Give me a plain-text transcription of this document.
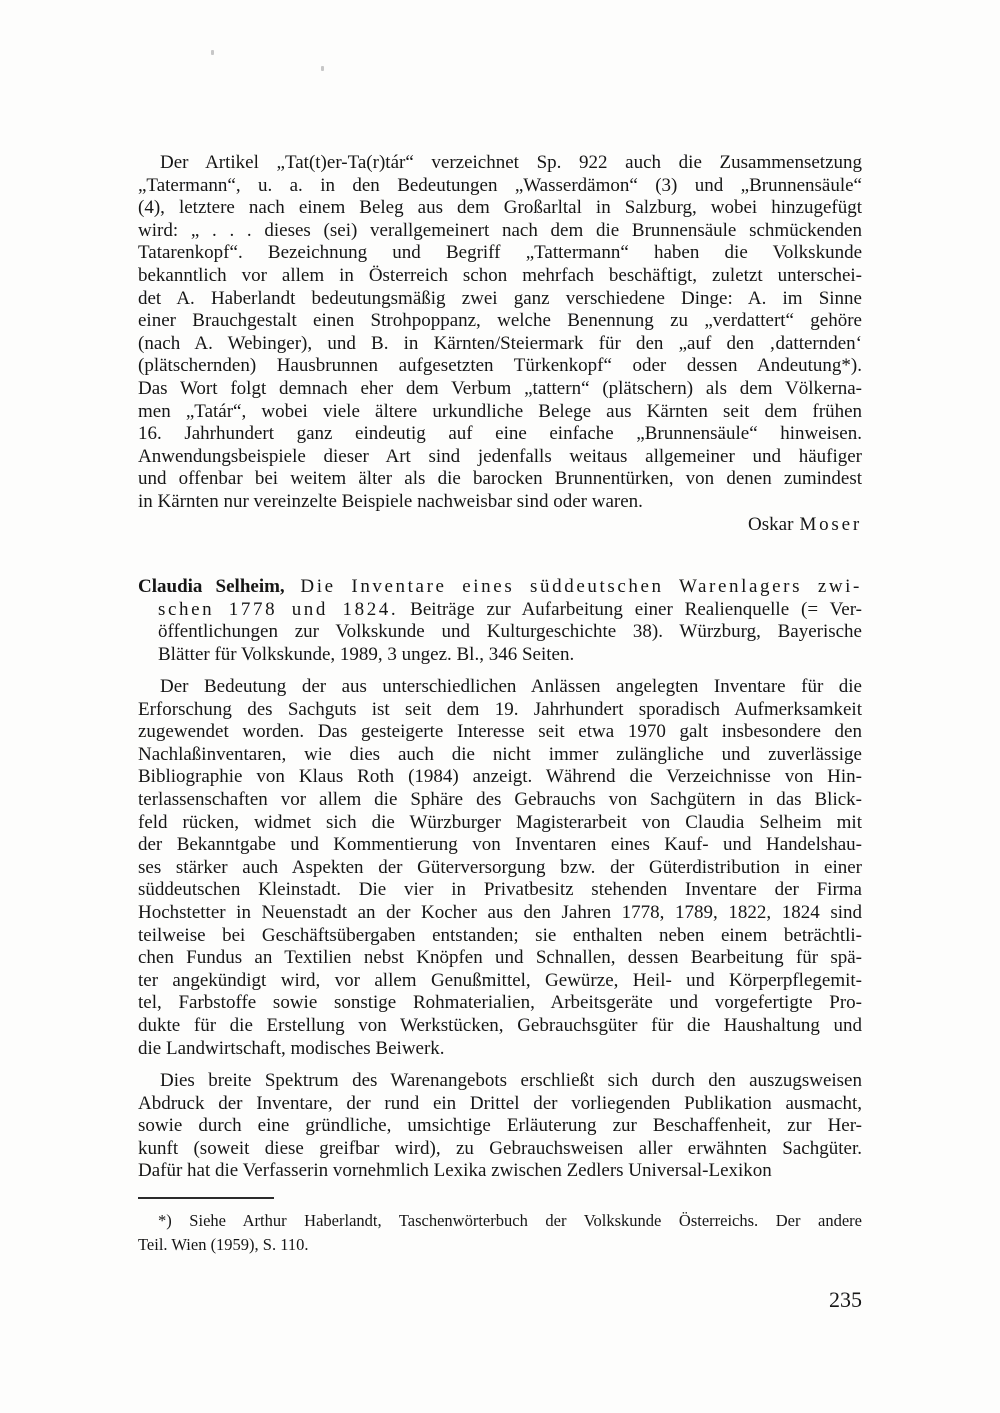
Der Artikel „Tat(t)er-Ta(r)tár“ verzeichnet Sp. 922 auch die Zusammensetzung
„Tatermann“, u. a. in den Bedeutungen „Wasserdämon“ (3) und „Brunnensäule“
(4), letztere nach einem Beleg aus dem Großarltal in Salzburg, wobei hinzugefügt
wird: „ . . . dieses (sei) verallgemeinert nach dem die Brunnensäule schmückenden
Tatarenkopf“. Bezeichnung und Begriff „Tattermann“ haben die Volkskunde
bekanntlich vor allem in Österreich schon mehrfach beschäftigt, zuletzt unterschei-
det A. Haberlandt bedeutungsmäßig zwei ganz verschiedene Dinge: A. im Sinne
einer Brauchgestalt einen Strohpoppanz, welche Benennung zu „verdattert“ gehöre
(nach A. Webinger), und B. in Kärnten/Steiermark für den „auf den ‚datternden‘
(plätschernden) Hausbrunnen aufgesetzten Türkenkopf“ oder dessen Andeutung*).
Das Wort folgt demnach eher dem Verbum „tattern“ (plätschern) als dem Völkerna-
men „Tatár“, wobei viele ältere urkundliche Belege aus Kärnten seit dem frühen
16. Jahrhundert ganz eindeutig auf eine einfache „Brunnensäule“ hinweisen.
Anwendungsbeispiele dieser Art sind jedenfalls weitaus allgemeiner und häufiger
und offenbar bei weitem älter als die barocken Brunnentürken, von denen zumindest
in Kärnten nur vereinzelte Beispiele nachweisbar sind oder waren.
Oskar Moser
Claudia Selheim, Die Inventare eines süddeutschen Warenlagers zwi-
schen 1778 und 1824. Beiträge zur Aufarbeitung einer Realienquelle (= Ver-
öffentlichungen zur Volkskunde und Kulturgeschichte 38). Würzburg, Bayerische
Blätter für Volkskunde, 1989, 3 ungez. Bl., 346 Seiten.
Der Bedeutung der aus unterschiedlichen Anlässen angelegten Inventare für die
Erforschung des Sachguts ist seit dem 19. Jahrhundert sporadisch Aufmerksamkeit
zugewendet worden. Das gesteigerte Interesse seit etwa 1970 galt insbesondere den
Nachlaßinventaren, wie dies auch die nicht immer zulängliche und zuverlässige
Bibliographie von Klaus Roth (1984) anzeigt. Während die Verzeichnisse von Hin-
terlassenschaften vor allem die Sphäre des Gebrauchs von Sachgütern in das Blick-
feld rücken, widmet sich die Würzburger Magisterarbeit von Claudia Selheim mit
der Bekanntgabe und Kommentierung von Inventaren eines Kauf- und Handelshau-
ses stärker auch Aspekten der Güterversorgung bzw. der Güterdistribution in einer
süddeutschen Kleinstadt. Die vier in Privatbesitz stehenden Inventare der Firma
Hochstetter in Neuenstadt an der Kocher aus den Jahren 1778, 1789, 1822, 1824 sind
teilweise bei Geschäftsübergaben entstanden; sie enthalten neben einem beträchtli-
chen Fundus an Textilien nebst Knöpfen und Schnallen, dessen Bearbeitung für spä-
ter angekündigt wird, vor allem Genußmittel, Gewürze, Heil- und Körperpflegemit-
tel, Farbstoffe sowie sonstige Rohmaterialien, Arbeitsgeräte und vorgefertigte Pro-
dukte für die Erstellung von Werkstücken, Gebrauchsgüter für die Haushaltung und
die Landwirtschaft, modisches Beiwerk.
Dies breite Spektrum des Warenangebots erschließt sich durch den auszugsweisen
Abdruck der Inventare, der rund ein Drittel der vorliegenden Publikation ausmacht,
sowie durch eine gründliche, umsichtige Erläuterung zur Beschaffenheit, zur Her-
kunft (soweit diese greifbar wird), zu Gebrauchsweisen aller erwähnten Sachgüter.
Dafür hat die Verfasserin vornehmlich Lexika zwischen Zedlers Universal-Lexikon
*) Siehe Arthur Haberlandt, Taschenwörterbuch der Volkskunde Österreichs. Der andere
Teil. Wien (1959), S. 110.
235
